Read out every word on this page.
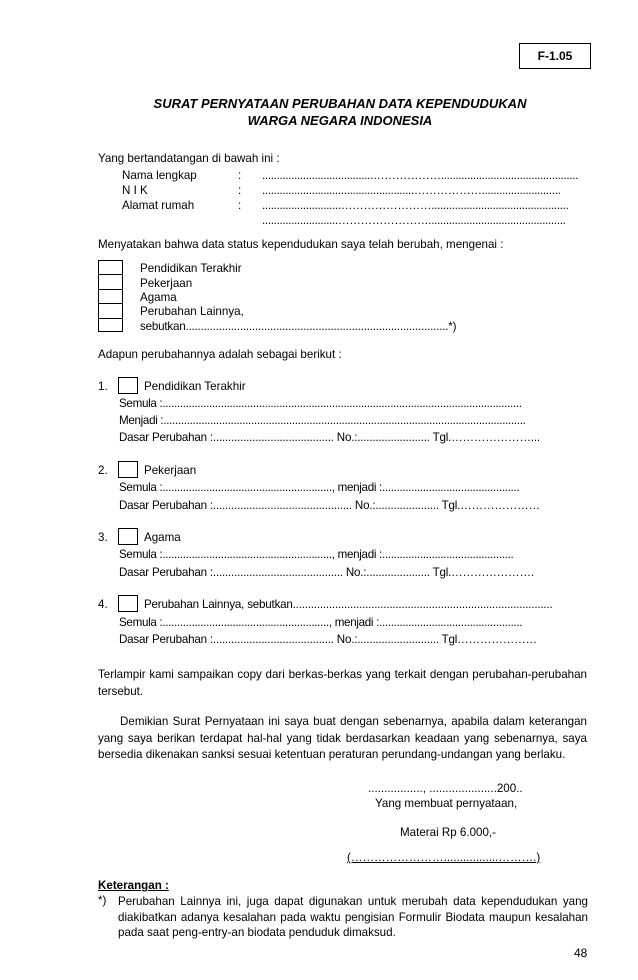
F-1.05
SURAT PERNYATAAN PERUBAHAN DATA KEPENDUDUKAN
WARGA NEGARA INDONESIA
Yang bertandatangan di bawah ini :
Nama lengkap	: ......................................………………...............................................
N I K	: ....................................................………………...........................
Alamat rumah	: ...........................……………………...............................................
..........................……………………...............................................
Menyatakan bahwa data status kependudukan saya telah berubah, mengenai :
Pendidikan Terakhir
Pekerjaan
Agama
Perubahan Lainnya,
sebutkan.......................................................................................*)
Adapun perubahannya adalah sebagai berikut :
1.	Pendidikan Terakhir
Semula :...........................................................................................................................
Menjadi :............................................................................................................................
Dasar Perubahan :........................................ No.:........................ Tgl.…………………...
2.	Pekerjaan
Semula :.........................................................., menjadi :...............................................
Dasar Perubahan :.............................................. No.:..................... Tgl.…………………
3.	Agama
Semula :.........................................................., menjadi :.............................................
Dasar Perubahan :........................................... No.:..................... Tgl.………………….
4.	Perubahan Lainnya, sebutkan......................................................................................
Semula :........................................................., menjadi :.................................................
Dasar Perubahan :........................................ No.:........................... Tgl…………………
Terlampir kami sampaikan copy dari berkas-berkas yang terkait dengan perubahan-perubahan tersebut.
Demikian Surat Pernyataan ini saya buat dengan sebenarnya, apabila dalam keterangan yang saya berikan terdapat hal-hal yang tidak berdasarkan keadaan yang sebenarnya, saya bersedia dikenakan sanksi sesuai ketentuan peraturan perundang-undangan yang berlaku.
................., .....................200..
Yang membuat pernyataan,
Materai Rp 6.000,-
(…………………….................……….)
Keterangan :
*) Perubahan Lainnya ini, juga dapat digunakan untuk merubah data kependudukan yang diakibatkan adanya kesalahan pada waktu pengisian Formulir Biodata maupun kesalahan pada saat peng-entry-an biodata penduduk dimaksud.
48
